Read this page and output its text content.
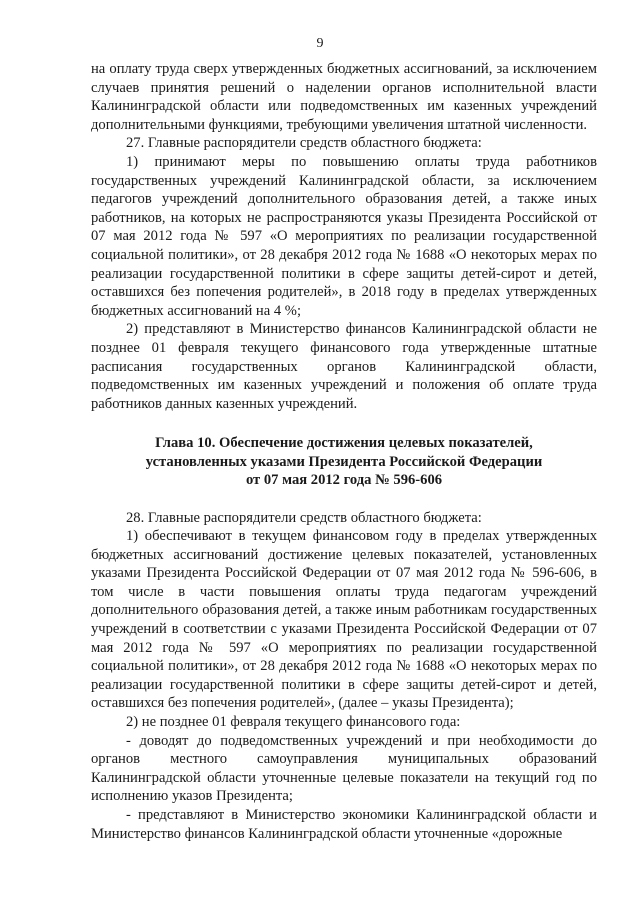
9

на оплату труда сверх утвержденных бюджетных ассигнований, за исключением случаев принятия решений о наделении органов исполнительной власти Калининградской области или подведомственных им казенных учреждений дополнительными функциями, требующими увеличения штатной численности.

27. Главные распорядители средств областного бюджета:

1) принимают меры по повышению оплаты труда работников государственных учреждений Калининградской области, за исключением педагогов учреждений дополнительного образования детей, а также иных работников, на которых не распространяются указы Президента Российской от 07 мая 2012 года № 597 «О мероприятиях по реализации государственной социальной политики», от 28 декабря 2012 года № 1688 «О некоторых мерах по реализации государственной политики в сфере защиты детей-сирот и детей, оставшихся без попечения родителей», в 2018 году в пределах утвержденных бюджетных ассигнований на 4 %;

2) представляют в Министерство финансов Калининградской области не позднее 01 февраля текущего финансового года утвержденные штатные расписания государственных органов Калининградской области, подведомственных им казенных учреждений и положения об оплате труда работников данных казенных учреждений.

Глава 10. Обеспечение достижения целевых показателей,
установленных указами Президента Российской Федерации
от 07 мая 2012 года № 596-606

28. Главные распорядители средств областного бюджета:

1) обеспечивают в текущем финансовом году в пределах утвержденных бюджетных ассигнований достижение целевых показателей, установленных указами Президента Российской Федерации от 07 мая 2012 года № 596-606, в том числе в части повышения оплаты труда педагогам учреждений дополнительного образования детей, а также иным работникам государственных учреждений в соответствии с указами Президента Российской Федерации от 07 мая 2012 года № 597 «О мероприятиях по реализации государственной социальной политики», от 28 декабря 2012 года № 1688 «О некоторых мерах по реализации государственной политики в сфере защиты детей-сирот и детей, оставшихся без попечения родителей», (далее – указы Президента);

2) не позднее 01 февраля текущего финансового года:

- доводят до подведомственных учреждений и при необходимости до органов местного самоуправления муниципальных образований Калининградской области уточненные целевые показатели на текущий год по исполнению указов Президента;

- представляют в Министерство экономики Калининградской области и Министерство финансов Калининградской области уточненные «дорожные
